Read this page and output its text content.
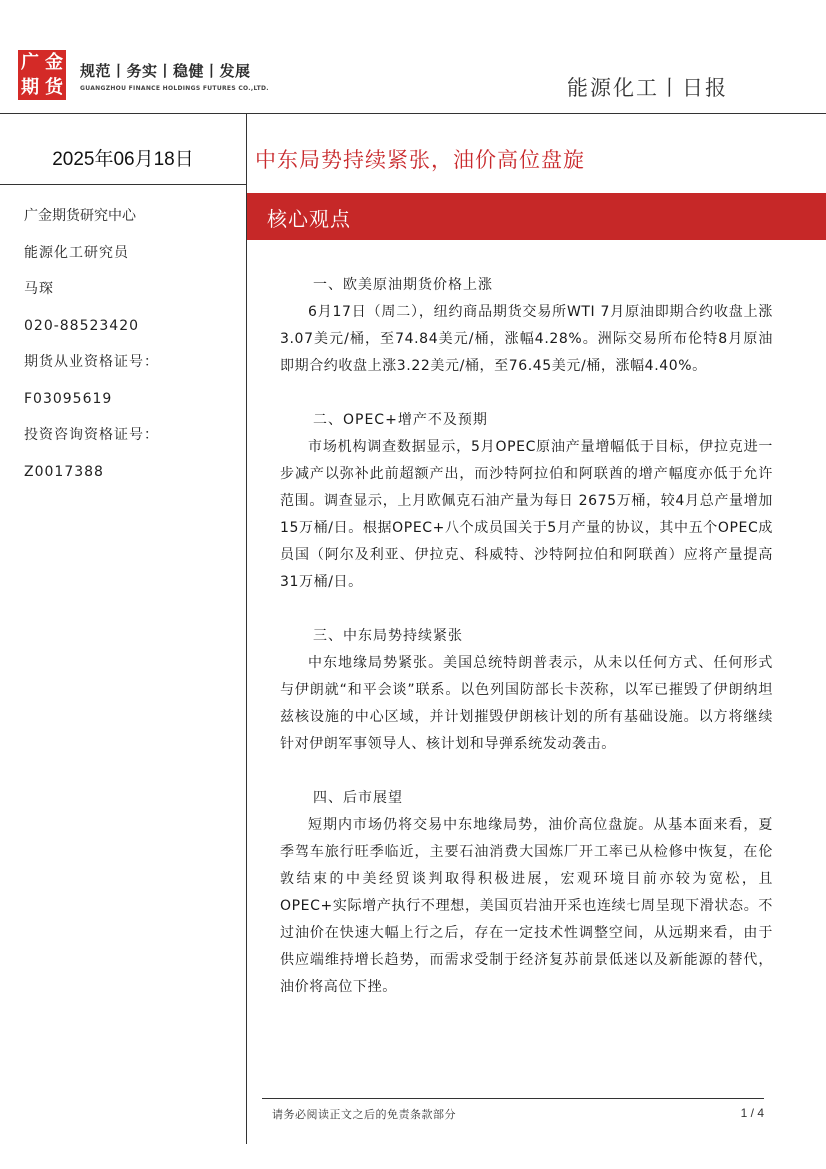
广 金
期 货
规范丨务实丨稳健丨发展
GUANGZHOU FINANCE HOLDINGS FUTURES CO.,LTD.	能源化工丨日报
2025年06月18日
广金期货研究中心
能源化工研究员
马琛
020-88523420
期货从业资格证号：
F03095619
投资咨询资格证号：
Z0017388
中东局势持续紧张，油价高位盘旋
核心观点
一、欧美原油期货价格上涨

6月17日（周二），纽约商品期货交易所WTI 7月原油即期合约收盘上涨3.07美元/桶，至74.84美元/桶，涨幅4.28%。洲际交易所布伦特8月原油即期合约收盘上涨3.22美元/桶，至76.45美元/桶，涨幅4.40%。

二、OPEC+增产不及预期

市场机构调查数据显示，5月OPEC原油产量增幅低于目标，伊拉克进一步减产以弥补此前超额产出，而沙特阿拉伯和阿联酋的增产幅度亦低于允许范围。调查显示，上月欧佩克石油产量为每日 2675万桶，较4月总产量增加15万桶/日。根据OPEC+八个成员国关于5月产量的协议，其中五个OPEC成员国（阿尔及利亚、伊拉克、科威特、沙特阿拉伯和阿联酋）应将产量提高31万桶/日。

三、中东局势持续紧张

中东地缘局势紧张。美国总统特朗普表示，从未以任何方式、任何形式与伊朗就“和平会谈”联系。以色列国防部长卡茨称，以军已摧毁了伊朗纳坦兹核设施的中心区域，并计划摧毁伊朗核计划的所有基础设施。以方将继续针对伊朗军事领导人、核计划和导弹系统发动袭击。

四、后市展望

短期内市场仍将交易中东地缘局势，油价高位盘旋。从基本面来看，夏季驾车旅行旺季临近，主要石油消费大国炼厂开工率已从检修中恢复，在伦敦结束的中美经贸谈判取得积极进展，宏观环境目前亦较为宽松，且OPEC+实际增产执行不理想，美国页岩油开采也连续七周呈现下滑状态。不过油价在快速大幅上行之后，存在一定技术性调整空间，从远期来看，由于供应端维持增长趋势，而需求受制于经济复苏前景低迷以及新能源的替代，油价将高位下挫。

请务必阅读正文之后的免责条款部分	1 / 4
